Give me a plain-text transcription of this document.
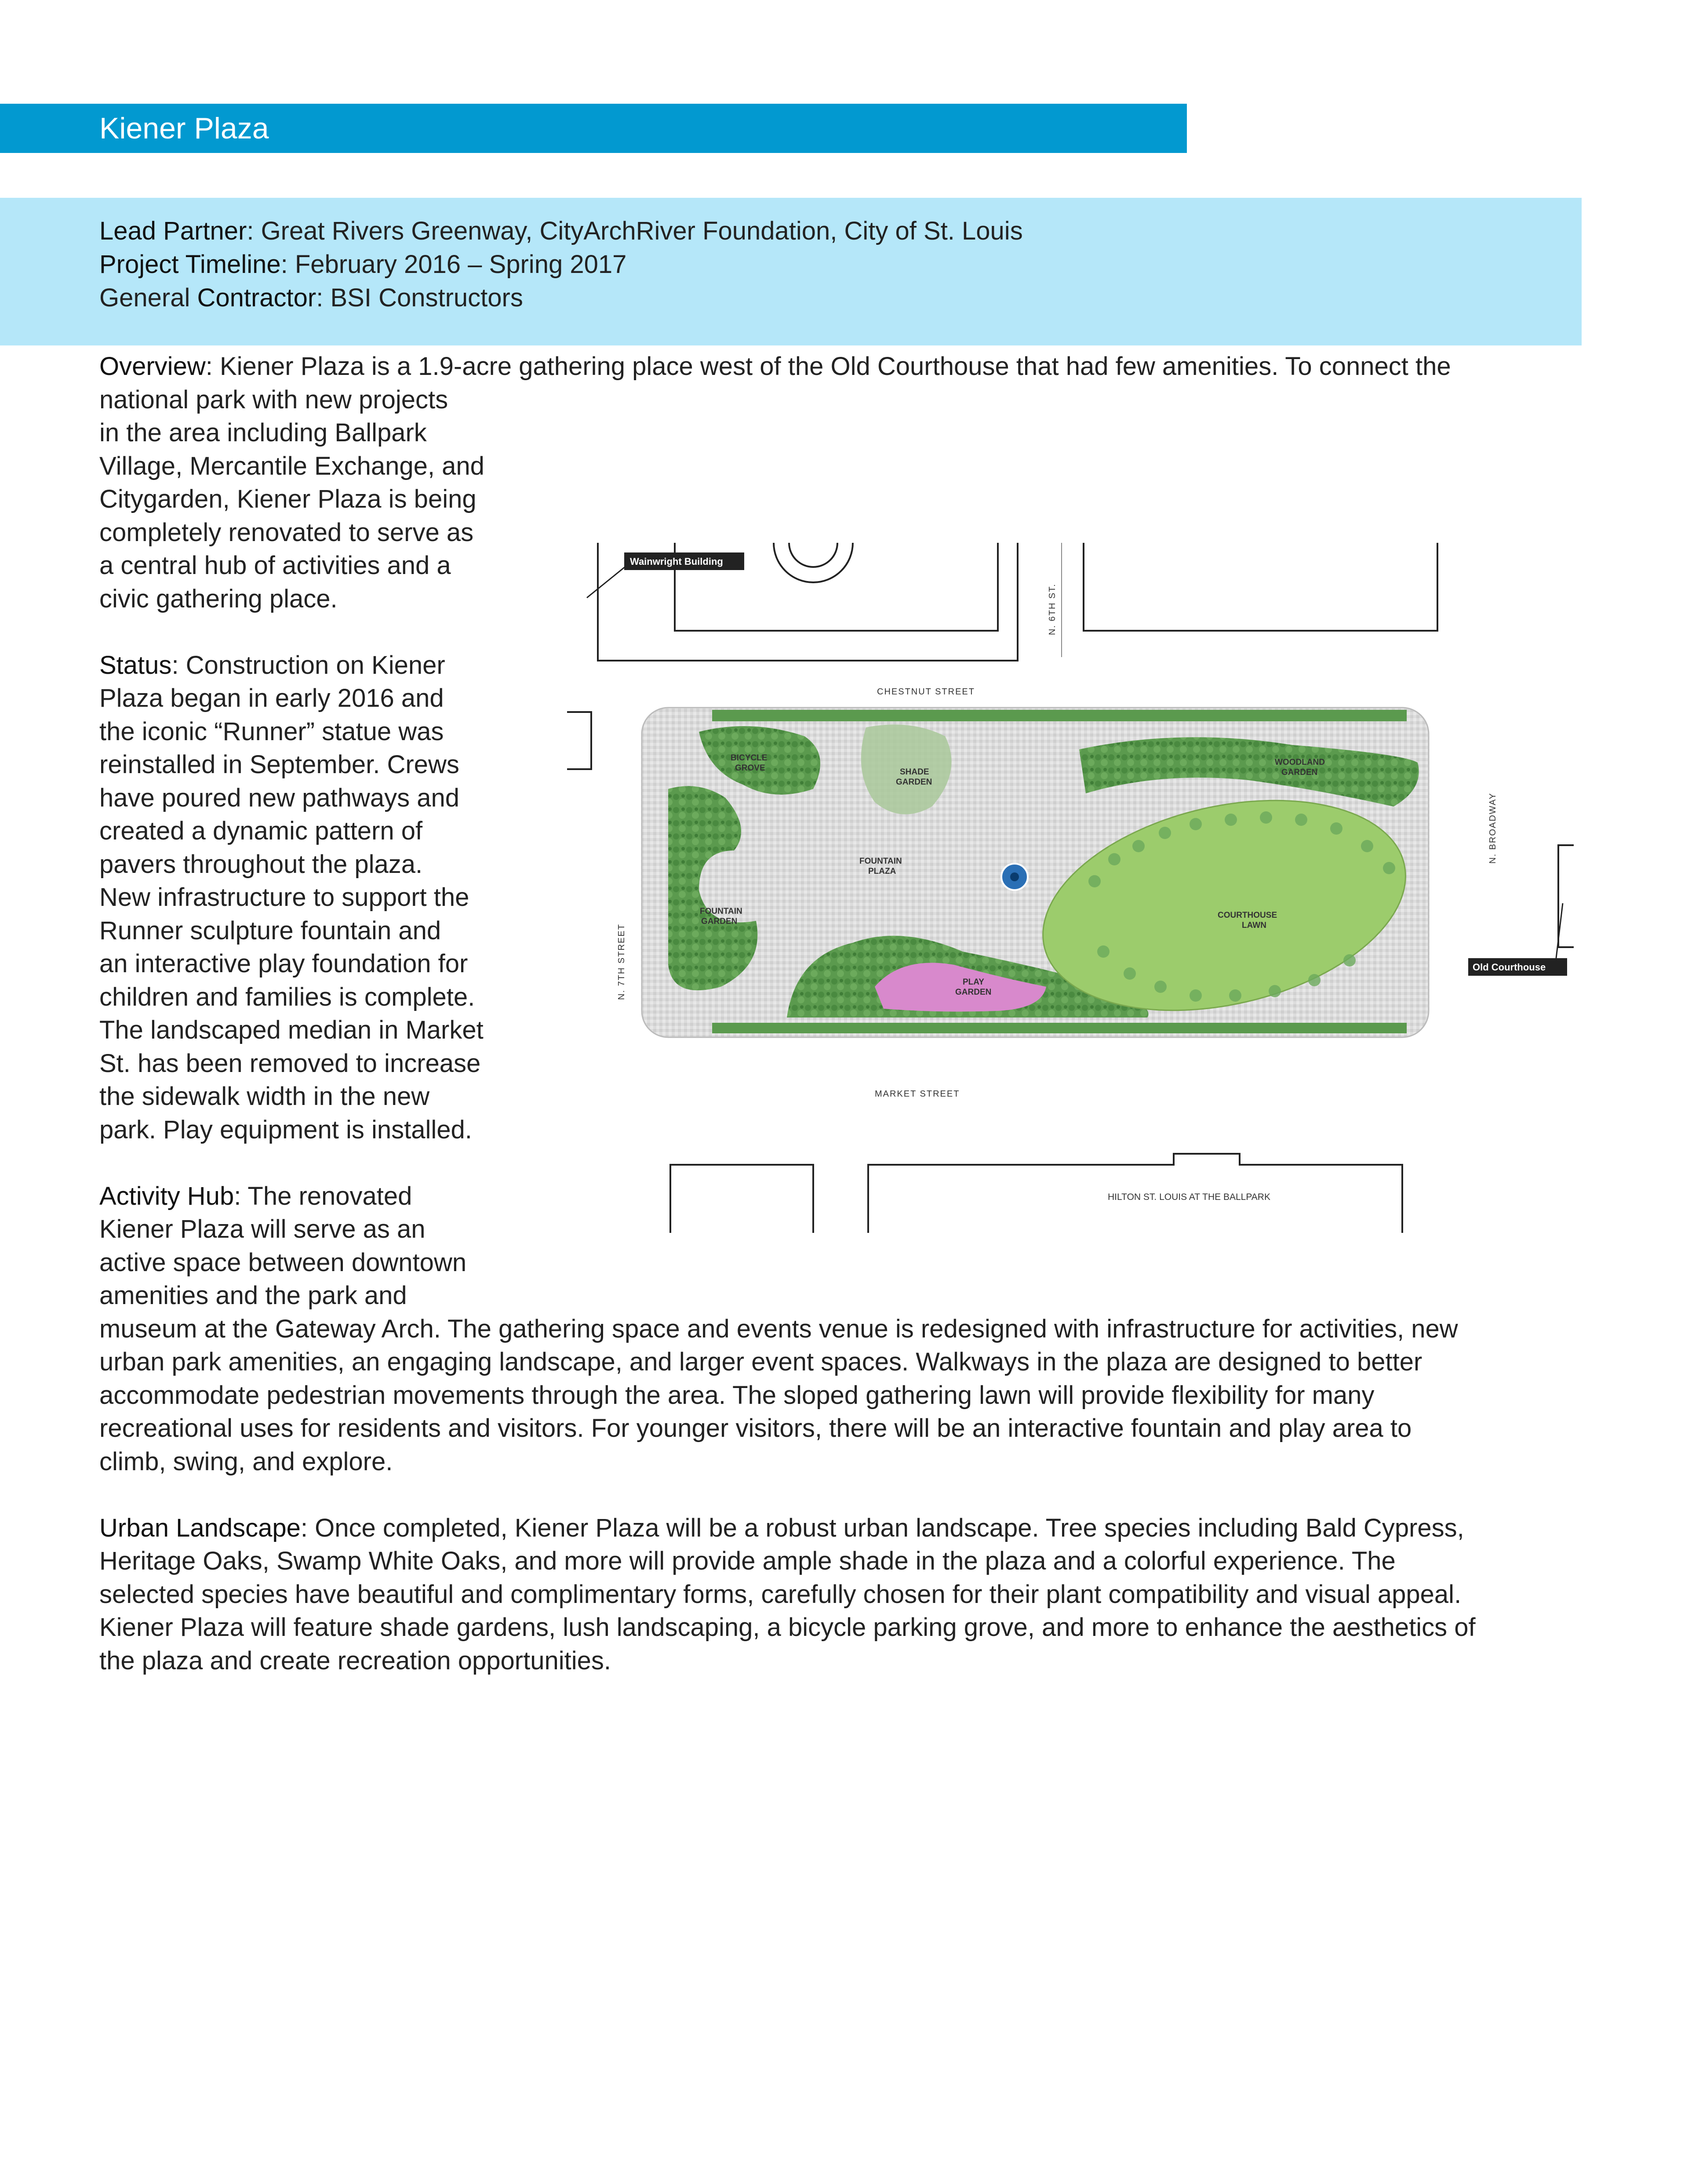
Kiener Plaza
Lead Partner: Great Rivers Greenway, CityArchRiver Foundation, City of St. Louis
Project Timeline: February 2016 – Spring 2017
General Contractor: BSI Constructors
Overview: Kiener Plaza is a 1.9-acre gathering place west of the Old Courthouse that had few amenities. To connect the
national park with new projects
in the area including Ballpark
Village, Mercantile Exchange, and
Citygarden, Kiener Plaza is being
completely renovated to serve as
a central hub of activities and a
civic gathering place.
Status: Construction on Kiener
Plaza began in early 2016 and
the iconic “Runner” statue was
reinstalled in September. Crews
have poured new pathways and
created a dynamic pattern of
pavers throughout the plaza.
New infrastructure to support the
Runner sculpture fountain and
an interactive play foundation for
children and families is complete.
The landscaped median in Market
St. has been removed to increase
the sidewalk width in the new
park. Play equipment is installed.
Activity Hub: The renovated
Kiener Plaza will serve as an
active space between downtown
amenities and the park and
museum at the Gateway Arch. The gathering space and events venue is redesigned with infrastructure for activities, new
urban park amenities, an engaging landscape, and larger event spaces. Walkways in the plaza are designed to better
accommodate pedestrian movements through the area. The sloped gathering lawn will provide flexibility for many
recreational uses for residents and visitors. For younger visitors, there will be an interactive fountain and play area to
climb, swing, and explore.
Urban Landscape: Once completed, Kiener Plaza will be a robust urban landscape. Tree species including Bald Cypress,
Heritage Oaks, Swamp White Oaks, and more will provide ample shade in the plaza and a colorful experience. The
selected species have beautiful and complimentary forms, carefully chosen for their plant compatibility and visual appeal.
Kiener Plaza will feature shade gardens, lush landscaping, a bicycle parking grove, and more to enhance the aesthetics of
the plaza and create recreation opportunities.
CHESTNUT STREET
MARKET STREET
N. 7TH STREET
N. 6TH ST.
N. BROADWAY
BICYCLE
GROVE	SHADE
GARDEN
WOODLAND
GARDEN
FOUNTAIN
PLAZA
FOUNTAIN
GARDEN
COURTHOUSE
LAWN
PLAY
GARDEN
Wainwright Building
Old Courthouse
HILTON ST. LOUIS AT THE BALLPARK
